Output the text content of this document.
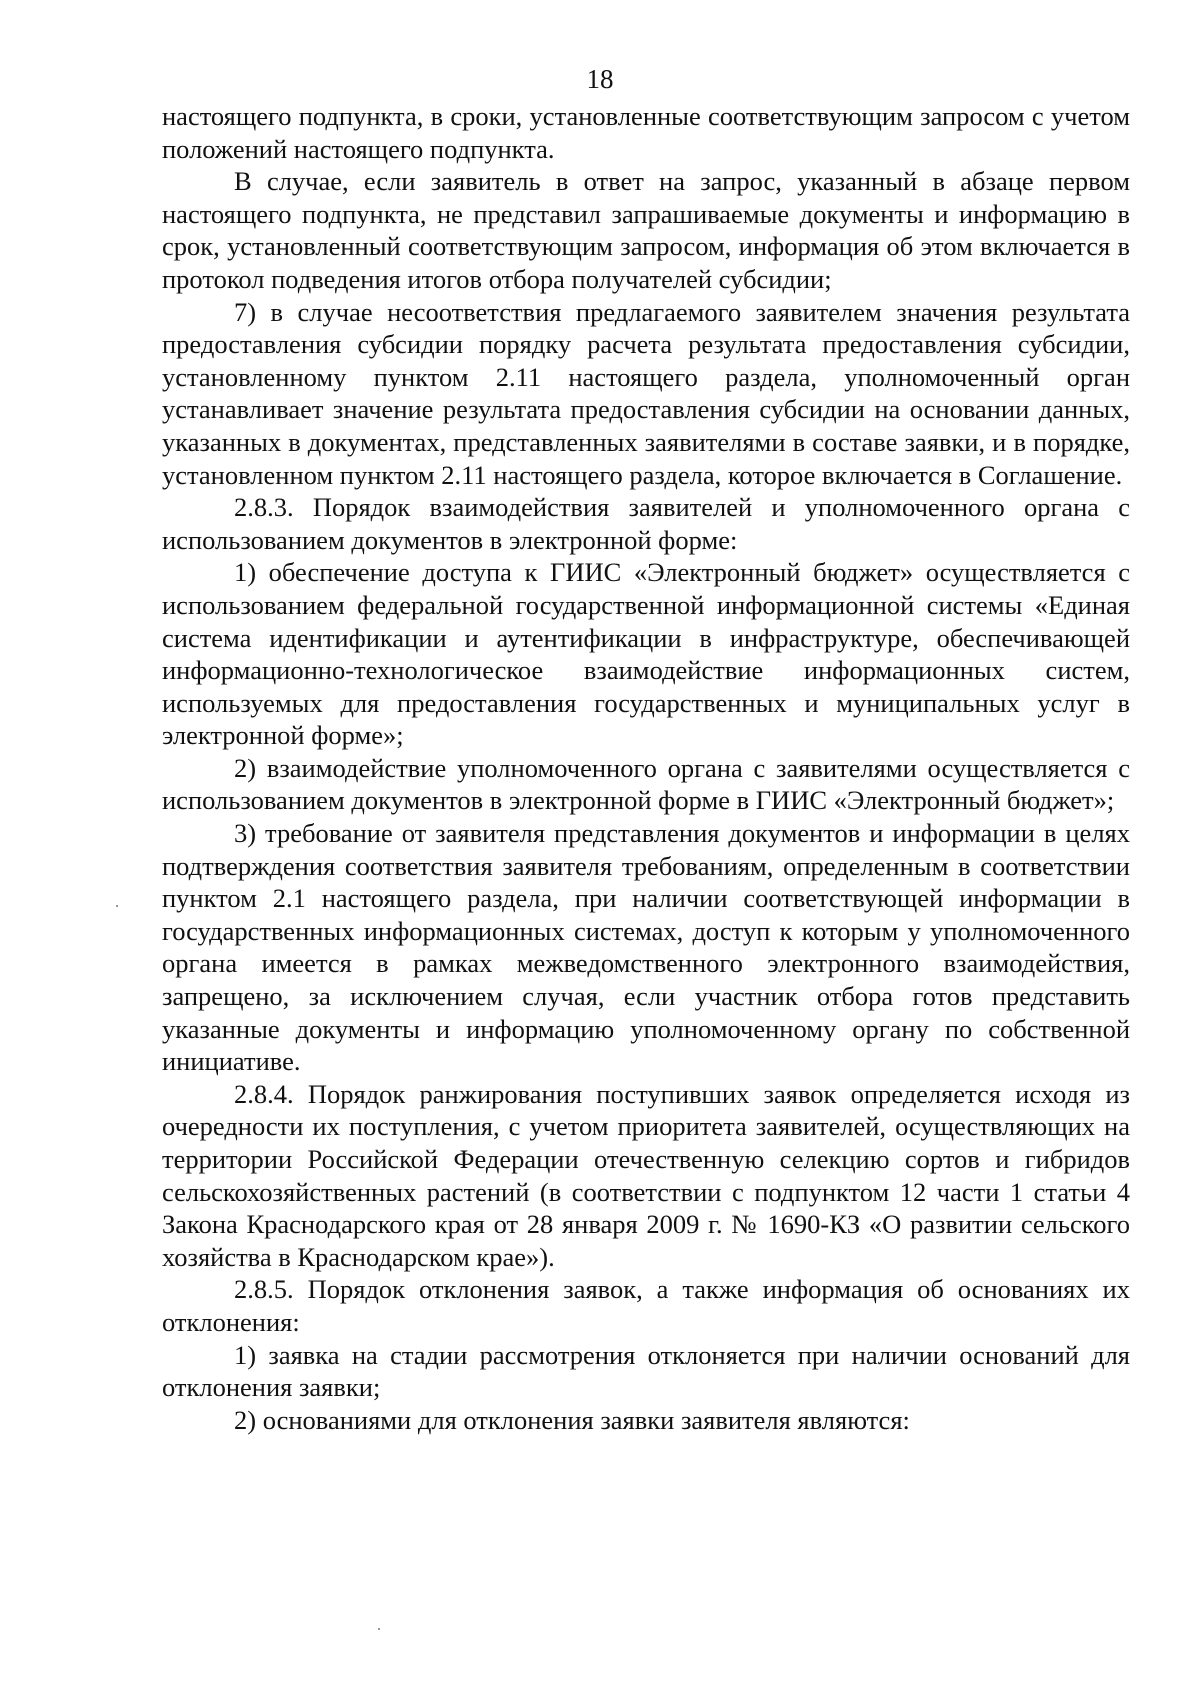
18

настоящего подпункта, в сроки, установленные соответствующим запросом с учетом положений настоящего подпункта.

В случае, если заявитель в ответ на запрос, указанный в абзаце первом настоящего подпункта, не представил запрашиваемые документы и информацию в срок, установленный соответствующим запросом, информация об этом включается в протокол подведения итогов отбора получателей субсидии;

7) в случае несоответствия предлагаемого заявителем значения результата предоставления субсидии порядку расчета результата предоставления субсидии, установленному пунктом 2.11 настоящего раздела, уполномоченный орган устанавливает значение результата предоставления субсидии на основании данных, указанных в документах, представленных заявителями в составе заявки, и в порядке, установленном пунктом 2.11 настоящего раздела, которое включается в Соглашение.

2.8.3. Порядок взаимодействия заявителей и уполномоченного органа с использованием документов в электронной форме:

1) обеспечение доступа к ГИИС «Электронный бюджет» осуществляется с использованием федеральной государственной информационной системы «Единая система идентификации и аутентификации в инфраструктуре, обеспечивающей информационно-технологическое взаимодействие информационных систем, используемых для предоставления государственных и муниципальных услуг в электронной форме»;

2) взаимодействие уполномоченного органа с заявителями осуществляется с использованием документов в электронной форме в ГИИС «Электронный бюджет»;

3) требование от заявителя представления документов и информации в целях подтверждения соответствия заявителя требованиям, определенным в соответствии пунктом 2.1 настоящего раздела, при наличии соответствующей информации в государственных информационных системах, доступ к которым у уполномоченного органа имеется в рамках межведомственного электронного взаимодействия, запрещено, за исключением случая, если участник отбора готов представить указанные документы и информацию уполномоченному органу по собственной инициативе.

2.8.4. Порядок ранжирования поступивших заявок определяется исходя из очередности их поступления, с учетом приоритета заявителей, осуществляющих на территории Российской Федерации отечественную селекцию сортов и гибридов сельскохозяйственных растений (в соответствии с подпунктом 12 части 1 статьи 4 Закона Краснодарского края от 28 января 2009 г. № 1690-КЗ «О развитии сельского хозяйства в Краснодарском крае»).

2.8.5. Порядок отклонения заявок, а также информация об основаниях их отклонения:

1) заявка на стадии рассмотрения отклоняется при наличии оснований для отклонения заявки;

2) основаниями для отклонения заявки заявителя являются:
